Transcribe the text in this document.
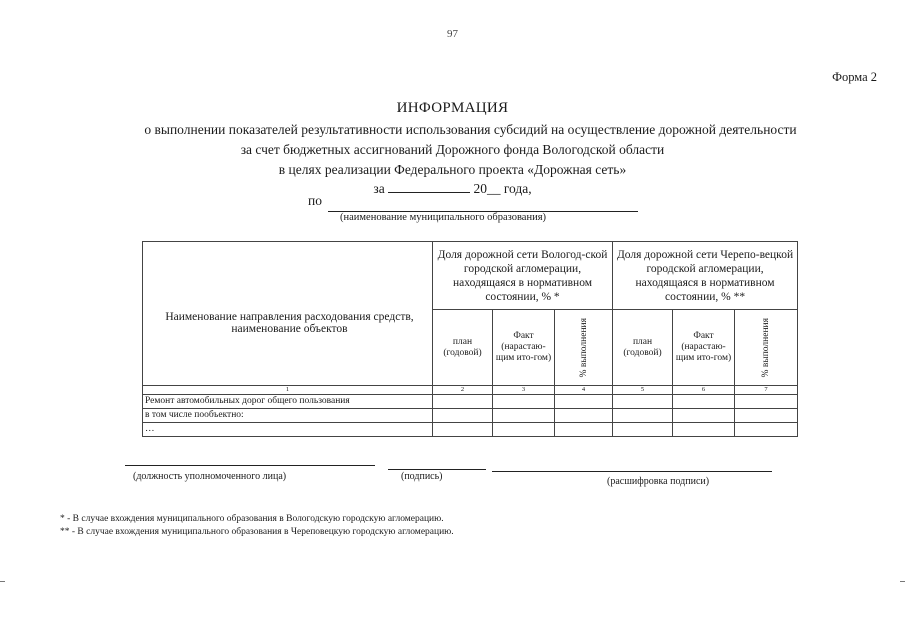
97
Форма 2
ИНФОРМАЦИЯ
о выполнении показателей результативности использования субсидий на осуществление дорожной деятельности
за счет бюджетных ассигнований Дорожного фонда Вологодской области
в целях реализации Федерального проекта «Дорожная сеть»
за	20__ года,
по
(наименование муниципального образования)
Наименование направления расходования средств, наименование объектов	Доля дорожной сети Вологод-ской городской агломерации, находящаяся в нормативном состоянии, % *			Доля дорожной сети Черепо-вецкой городской агломерации, находящаяся в нормативном состоянии, % **		
	план (годовой)	Факт (нарастаю-щим ито-гом)	% выполнения	план (годовой)	Факт (нарастаю-щим ито-гом)	% выполнения

1	2	3	4	5	6	7
Ремонт автомобильных дорог общего пользования						
в том числе пообъектно:						
…						
(должность уполномоченного лица)	(подпись)	(расшифровка подписи)
* - В случае вхождения муниципального образования в Вологодскую городскую агломерацию.
** - В случае вхождения муниципального образования в Череповецкую городскую агломерацию.
